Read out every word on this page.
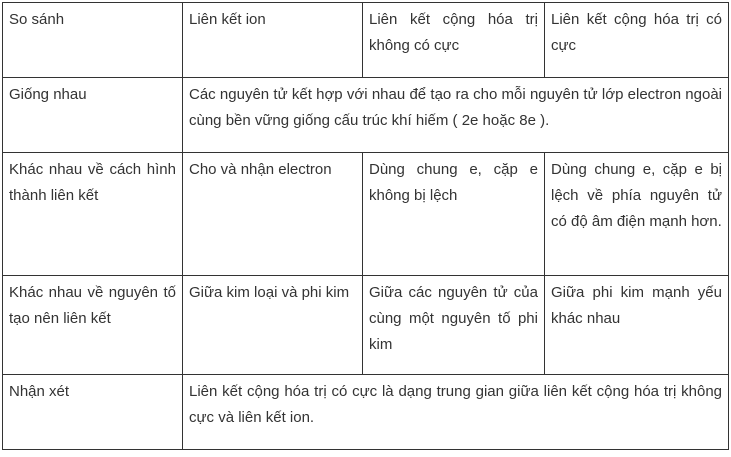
So sánh	Liên kết ion	Liên kết cộng hóa trị không có cực	Liên kết cộng hóa trị có cực
Giống nhau	Các nguyên tử kết hợp với nhau để tạo ra cho mỗi nguyên tử lớp electron ngoài cùng bền vững giống cấu trúc khí hiếm ( 2e hoặc 8e ).		
Khác nhau về cách hình thành liên kết	Cho và nhận electron	Dùng chung e, cặp e không bị lệch	Dùng chung e, cặp e bị lệch về phía nguyên tử có độ âm điện mạnh hơn.
Khác nhau về nguyên tố tạo nên liên kết	Giữa kim loại và phi kim	Giữa các nguyên tử của cùng một nguyên tố phi kim	Giữa phi kim mạnh yếu khác nhau
Nhận xét	Liên kết cộng hóa trị có cực là dạng trung gian giữa liên kết cộng hóa trị không cực và liên kết ion.		
